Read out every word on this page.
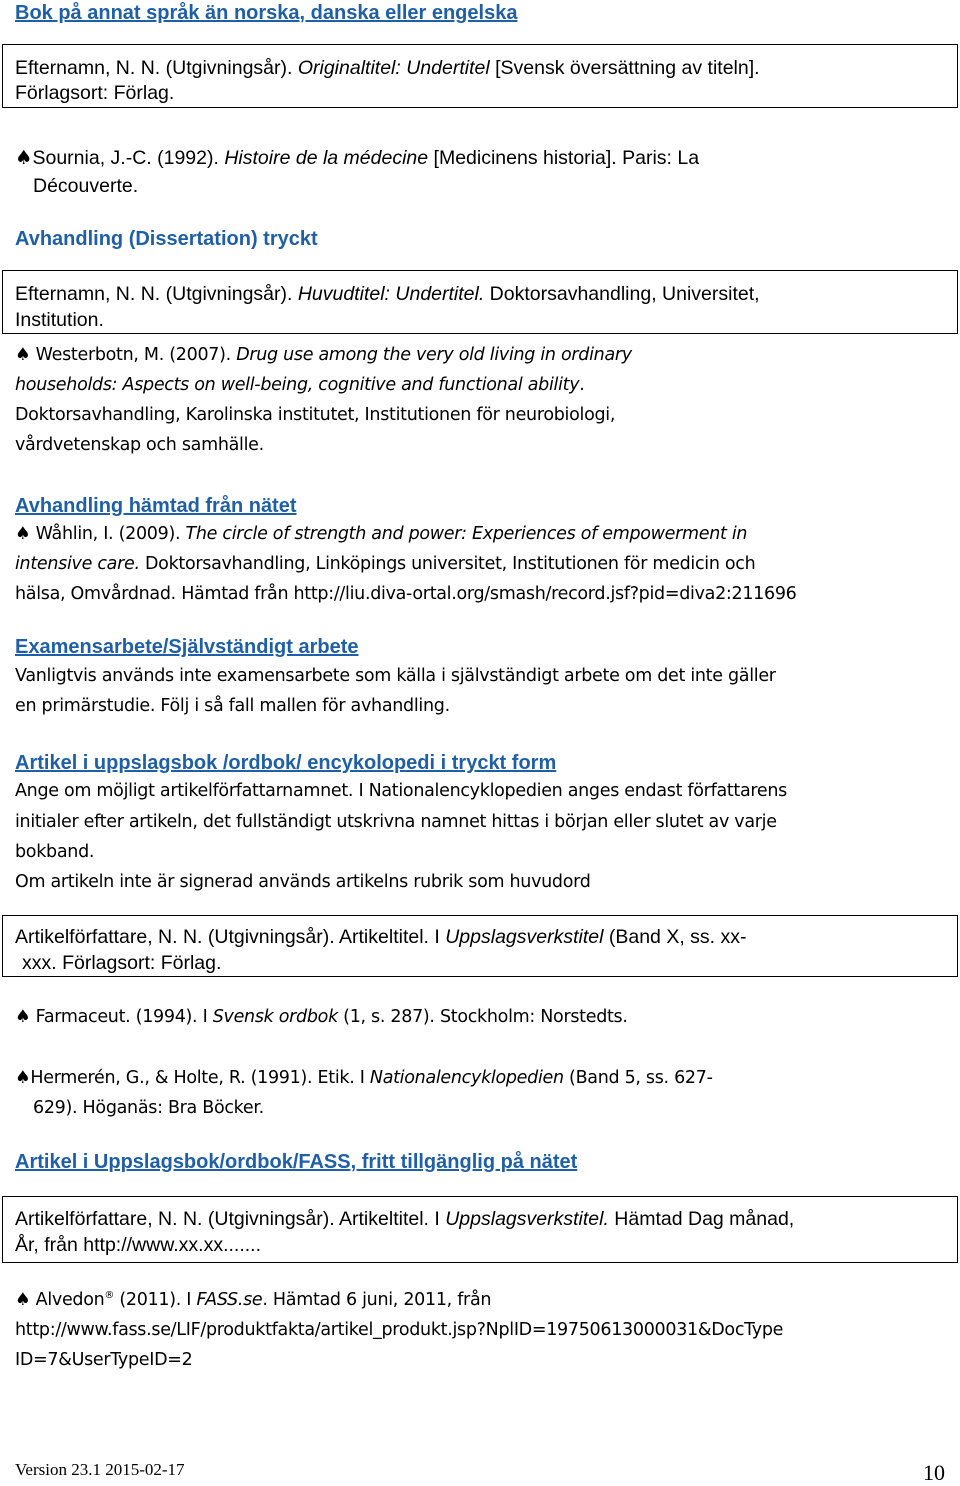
Bok på annat språk än norska, danska eller engelska
Efternamn, N. N. (Utgivningsår). Originaltitel: Undertitel [Svensk översättning av titeln].
Förlagsort: Förlag.
♠Sournia, J.-C. (1992). Histoire de la médecine [Medicinens historia]. Paris: La
Découverte.
Avhandling (Dissertation) tryckt
Efternamn, N. N. (Utgivningsår). Huvudtitel: Undertitel. Doktorsavhandling, Universitet,
Institution.
♠ Westerbotn, M. (2007). Drug use among the very old living in ordinary
households: Aspects on well-being, cognitive and functional ability.
Doktorsavhandling, Karolinska institutet, Institutionen för neurobiologi,
vårdvetenskap och samhälle.
Avhandling hämtad från nätet
♠ Wåhlin, I. (2009). The circle of strength and power: Experiences of empowerment in
intensive care. Doktorsavhandling, Linköpings universitet, Institutionen för medicin och
hälsa, Omvårdnad. Hämtad från http://liu.diva-ortal.org/smash/record.jsf?pid=diva2:211696
Examensarbete/Självständigt arbete
Vanligtvis används inte examensarbete som källa i självständigt arbete om det inte gäller
en primärstudie. Följ i så fall mallen för avhandling.
Artikel i uppslagsbok /ordbok/ encykolopedi i tryckt form
Ange om möjligt artikelförfattarnamnet. I Nationalencyklopedien anges endast författarens
initialer efter artikeln, det fullständigt utskrivna namnet hittas i början eller slutet av varje
bokband.
Om artikeln inte är signerad används artikelns rubrik som huvudord
Artikelförfattare, N. N. (Utgivningsår). Artikeltitel. I Uppslagsverkstitel (Band X, ss. xx-
xxx. Förlagsort: Förlag.
♠ Farmaceut. (1994). I Svensk ordbok (1, s. 287). Stockholm: Norstedts.
♠Hermerén, G., & Holte, R. (1991). Etik. I Nationalencyklopedien (Band 5, ss. 627-
629). Höganäs: Bra Böcker.
Artikel i Uppslagsbok/ordbok/FASS, fritt tillgänglig på nätet
Artikelförfattare, N. N. (Utgivningsår). Artikeltitel. I Uppslagsverkstitel. Hämtad Dag månad,
År, från http://www.xx.xx.......
♠ Alvedon® (2011). I FASS.se. Hämtad 6 juni, 2011, från
http://www.fass.se/LIF/produktfakta/artikel_produkt.jsp?NplID=19750613000031&DocType
ID=7&UserTypeID=2
Version 23.1 2015-02-17	10
